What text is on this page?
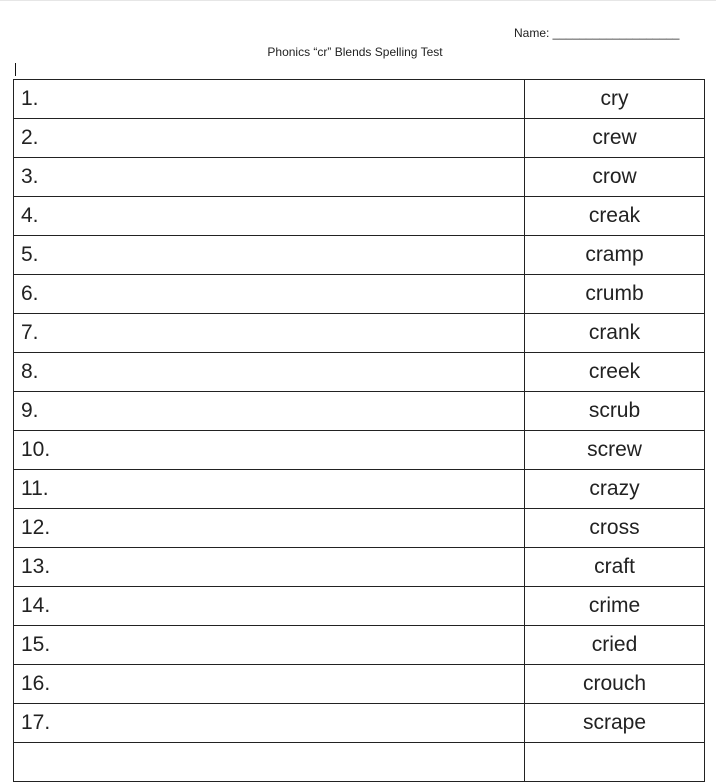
Name: ___________________
Phonics “cr” Blends Spelling Test
1.	cry
2.	crew
3.	crow
4.	creak
5.	cramp
6.	crumb
7.	crank
8.	creek
9.	scrub
10.	screw
11.	crazy
12.	cross
13.	craft
14.	crime
15.	cried
16.	crouch
17.	scrape
